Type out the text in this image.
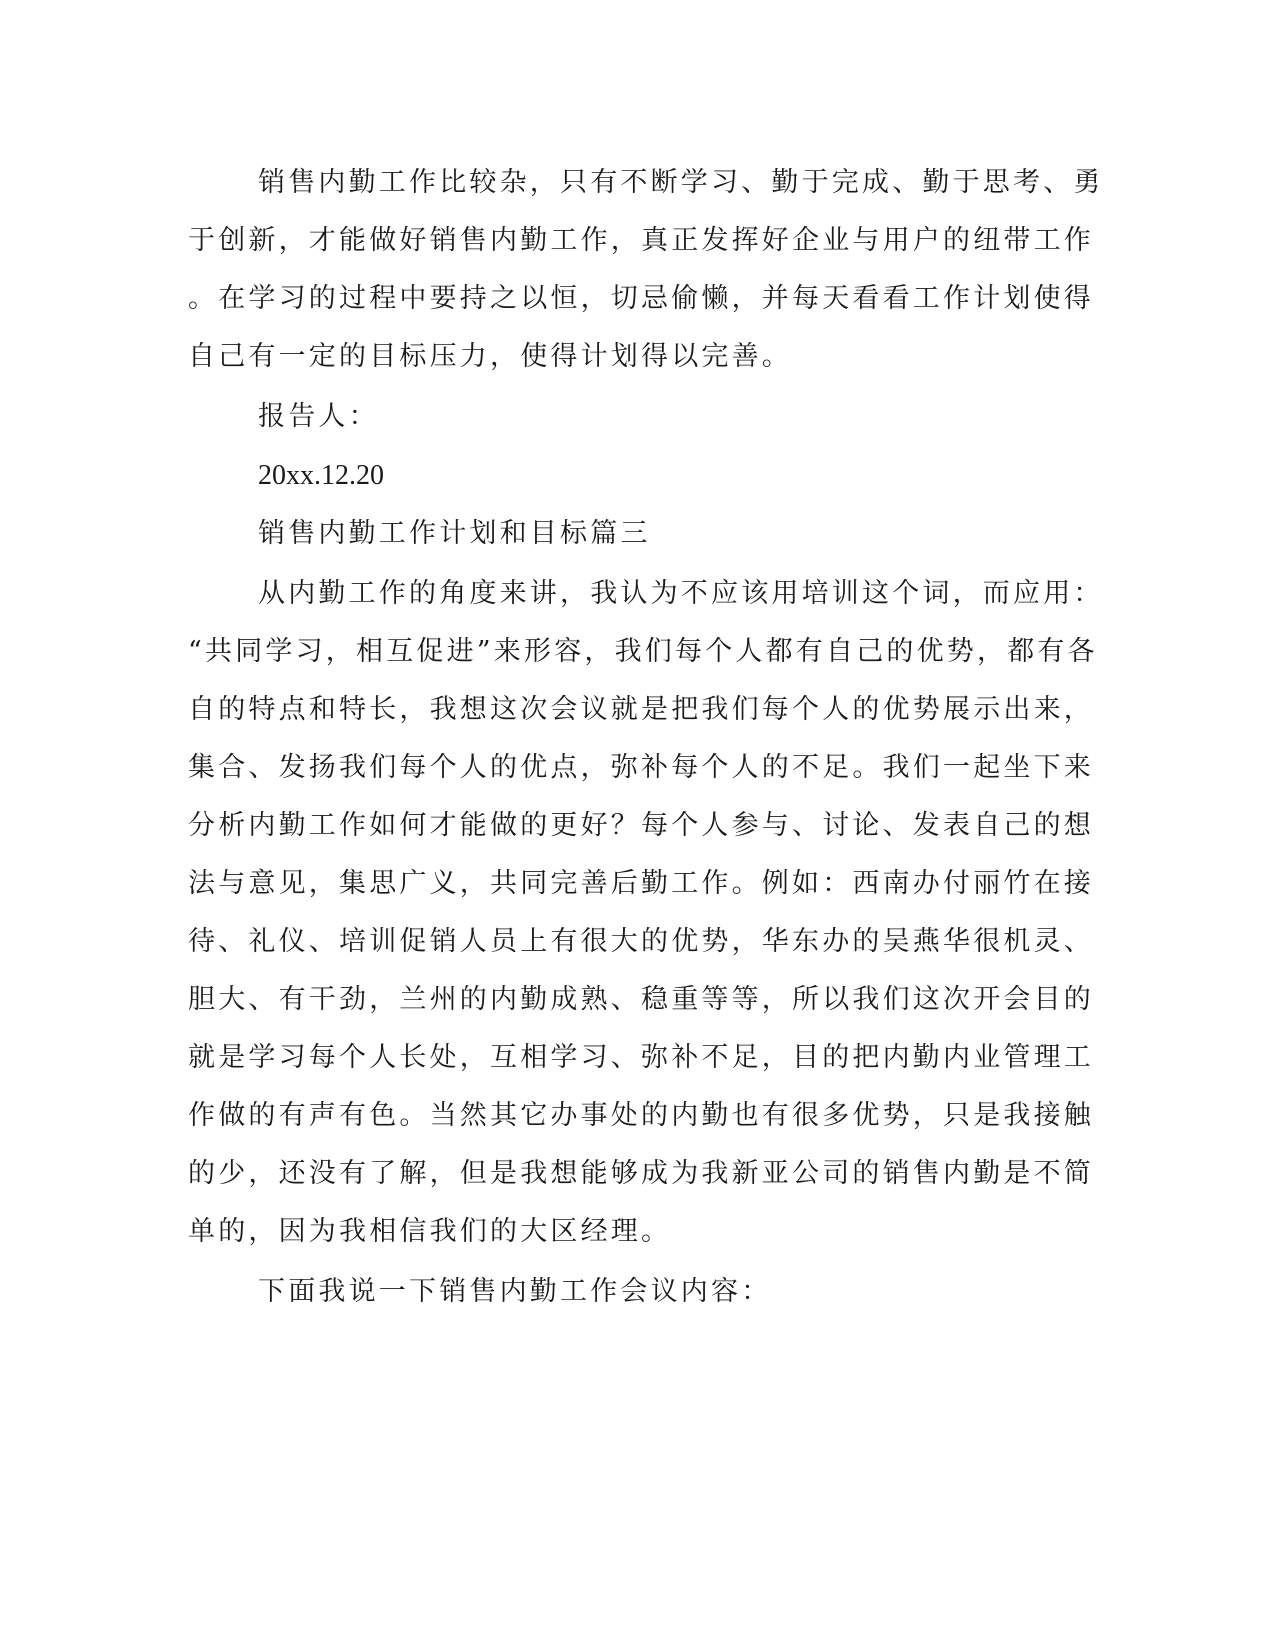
销售内勤工作比较杂，只有不断学习、勤于完成、勤于思考、勇

于创新，才能做好销售内勤工作，真正发挥好企业与用户的纽带工作

。在学习的过程中要持之以恒，切忌偷懒，并每天看看工作计划使得

自己有一定的目标压力，使得计划得以完善。

报告人：

20xx.12.20

销售内勤工作计划和目标篇三

从内勤工作的角度来讲，我认为不应该用培训这个词，而应用：

“共同学习，相互促进”来形容，我们每个人都有自己的优势，都有各

自的特点和特长，我想这次会议就是把我们每个人的优势展示出来，

集合、发扬我们每个人的优点，弥补每个人的不足。我们一起坐下来

分析内勤工作如何才能做的更好？每个人参与、讨论、发表自己的想

法与意见，集思广义，共同完善后勤工作。例如：西南办付丽竹在接

待、礼仪、培训促销人员上有很大的优势，华东办的吴燕华很机灵、

胆大、有干劲，兰州的内勤成熟、稳重等等，所以我们这次开会目的

就是学习每个人长处，互相学习、弥补不足，目的把内勤内业管理工

作做的有声有色。当然其它办事处的内勤也有很多优势，只是我接触

的少，还没有了解，但是我想能够成为我新亚公司的销售内勤是不简

单的，因为我相信我们的大区经理。

下面我说一下销售内勤工作会议内容：
